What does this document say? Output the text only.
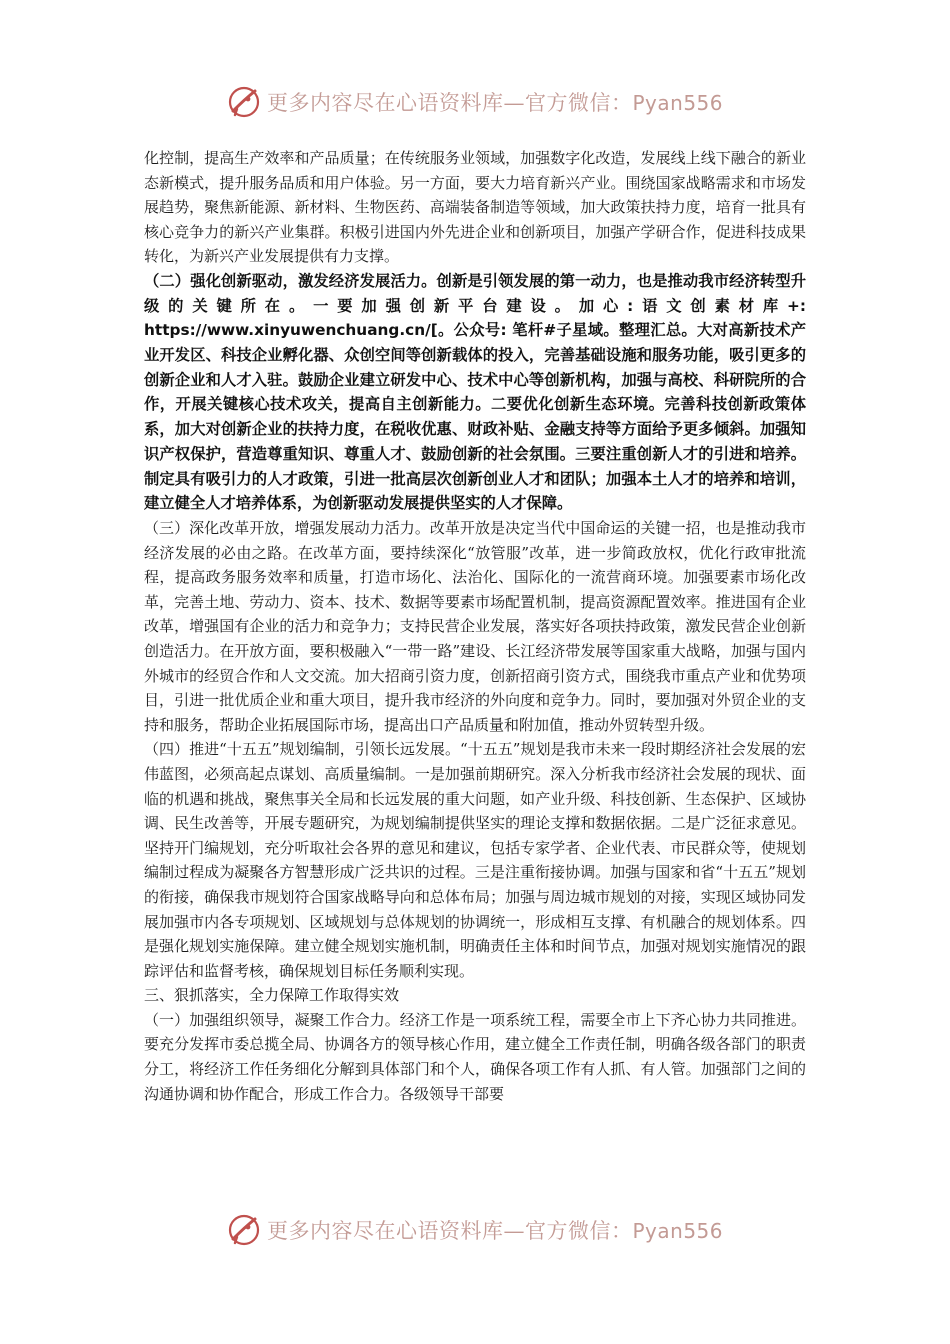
更多内容尽在心语资料库—官方微信：Pyan556

化控制，提高生产效率和产品质量；在传统服务业领域，加强数字化改造，发展线上线下融合的新业态新模式，提升服务品质和用户体验。另一方面，要大力培育新兴产业。围绕国家战略需求和市场发展趋势，聚焦新能源、新材料、生物医药、高端装备制造等领域，加大政策扶持力度，培育一批具有核心竞争力的新兴产业集群。积极引进国内外先进企业和创新项目，加强产学研合作，促进科技成果转化，为新兴产业发展提供有力支撑。

（二）强化创新驱动，激发经济发展活力。创新是引领发展的第一动力，也是推动我市经济转型升级的关键所在。一要加强创新平台建设。加心:语文创素材库+: https://www.xinyuwenchuang.cn/[。公众号: 笔杆#子星域。整理汇总。大对高新技术产业开发区、科技企业孵化器、众创空间等创新载体的投入，完善基础设施和服务功能，吸引更多的创新企业和人才入驻。鼓励企业建立研发中心、技术中心等创新机构，加强与高校、科研院所的合作，开展关键核心技术攻关，提高自主创新能力。二要优化创新生态环境。完善科技创新政策体系，加大对创新企业的扶持力度，在税收优惠、财政补贴、金融支持等方面给予更多倾斜。加强知识产权保护，营造尊重知识、尊重人才、鼓励创新的社会氛围。三要注重创新人才的引进和培养。制定具有吸引力的人才政策，引进一批高层次创新创业人才和团队；加强本土人才的培养和培训，建立健全人才培养体系，为创新驱动发展提供坚实的人才保障。

（三）深化改革开放，增强发展动力活力。改革开放是决定当代中国命运的关键一招，也是推动我市经济发展的必由之路。在改革方面，要持续深化“放管服”改革，进一步简政放权，优化行政审批流程，提高政务服务效率和质量，打造市场化、法治化、国际化的一流营商环境。加强要素市场化改革，完善土地、劳动力、资本、技术、数据等要素市场配置机制，提高资源配置效率。推进国有企业改革，增强国有企业的活力和竞争力；支持民营企业发展，落实好各项扶持政策，激发民营企业创新创造活力。在开放方面，要积极融入“一带一路”建设、长江经济带发展等国家重大战略，加强与国内外城市的经贸合作和人文交流。加大招商引资力度，创新招商引资方式，围绕我市重点产业和优势项目，引进一批优质企业和重大项目，提升我市经济的外向度和竞争力。同时，要加强对外贸企业的支持和服务，帮助企业拓展国际市场，提高出口产品质量和附加值，推动外贸转型升级。

（四）推进“十五五”规划编制，引领长远发展。“十五五”规划是我市未来一段时期经济社会发展的宏伟蓝图，必须高起点谋划、高质量编制。一是加强前期研究。深入分析我市经济社会发展的现状、面临的机遇和挑战，聚焦事关全局和长远发展的重大问题，如产业升级、科技创新、生态保护、区域协调、民生改善等，开展专题研究，为规划编制提供坚实的理论支撑和数据依据。二是广泛征求意见。坚持开门编规划，充分听取社会各界的意见和建议，包括专家学者、企业代表、市民群众等，使规划编制过程成为凝聚各方智慧形成广泛共识的过程。三是注重衔接协调。加强与国家和省“十五五”规划的衔接，确保我市规划符合国家战略导向和总体布局；加强与周边城市规划的对接，实现区域协同发展加强市内各专项规划、区域规划与总体规划的协调统一，形成相互支撑、有机融合的规划体系。四是强化规划实施保障。建立健全规划实施机制，明确责任主体和时间节点，加强对规划实施情况的跟踪评估和监督考核，确保规划目标任务顺利实现。

三、狠抓落实，全力保障工作取得实效

（一）加强组织领导，凝聚工作合力。经济工作是一项系统工程，需要全市上下齐心协力共同推进。要充分发挥市委总揽全局、协调各方的领导核心作用，建立健全工作责任制，明确各级各部门的职责分工，将经济工作任务细化分解到具体部门和个人，确保各项工作有人抓、有人管。加强部门之间的沟通协调和协作配合，形成工作合力。各级领导干部要

更多内容尽在心语资料库—官方微信：Pyan556
